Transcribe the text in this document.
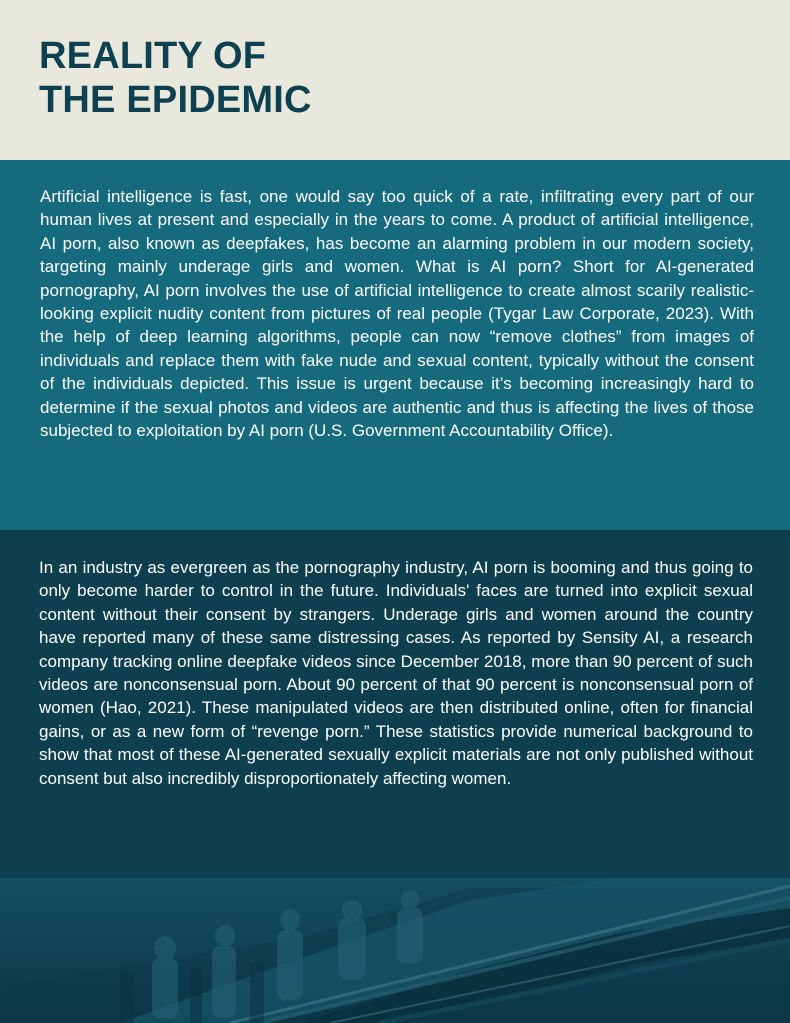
REALITY OF
THE EPIDEMIC

Artificial intelligence is fast, one would say too quick of a rate, infiltrating every part of our human lives at present and especially in the years to come. A product of artificial intelligence, AI porn, also known as deepfakes, has become an alarming problem in our modern society, targeting mainly underage girls and women. What is AI porn? Short for AI-generated pornography, AI porn involves the use of artificial intelligence to create almost scarily realistic-looking explicit nudity content from pictures of real people (Tygar Law Corporate, 2023). With the help of deep learning algorithms, people can now “remove clothes” from images of individuals and replace them with fake nude and sexual content, typically without the consent of the individuals depicted. This issue is urgent because it’s becoming increasingly hard to determine if the sexual photos and videos are authentic and thus is affecting the lives of those subjected to exploitation by AI porn (U.S. Government Accountability Office).

In an industry as evergreen as the pornography industry, AI porn is booming and thus going to only become harder to control in the future. Individuals' faces are turned into explicit sexual content without their consent by strangers. Underage girls and women around the country have reported many of these same distressing cases. As reported by Sensity AI, a research company tracking online deepfake videos since December 2018, more than 90 percent of such videos are nonconsensual porn. About 90 percent of that 90 percent is nonconsensual porn of women (Hao, 2021). These manipulated videos are then distributed online, often for financial gains, or as a new form of “revenge porn.” These statistics provide numerical background to show that most of these AI-generated sexually explicit materials are not only published without consent but also incredibly disproportionately affecting women.
